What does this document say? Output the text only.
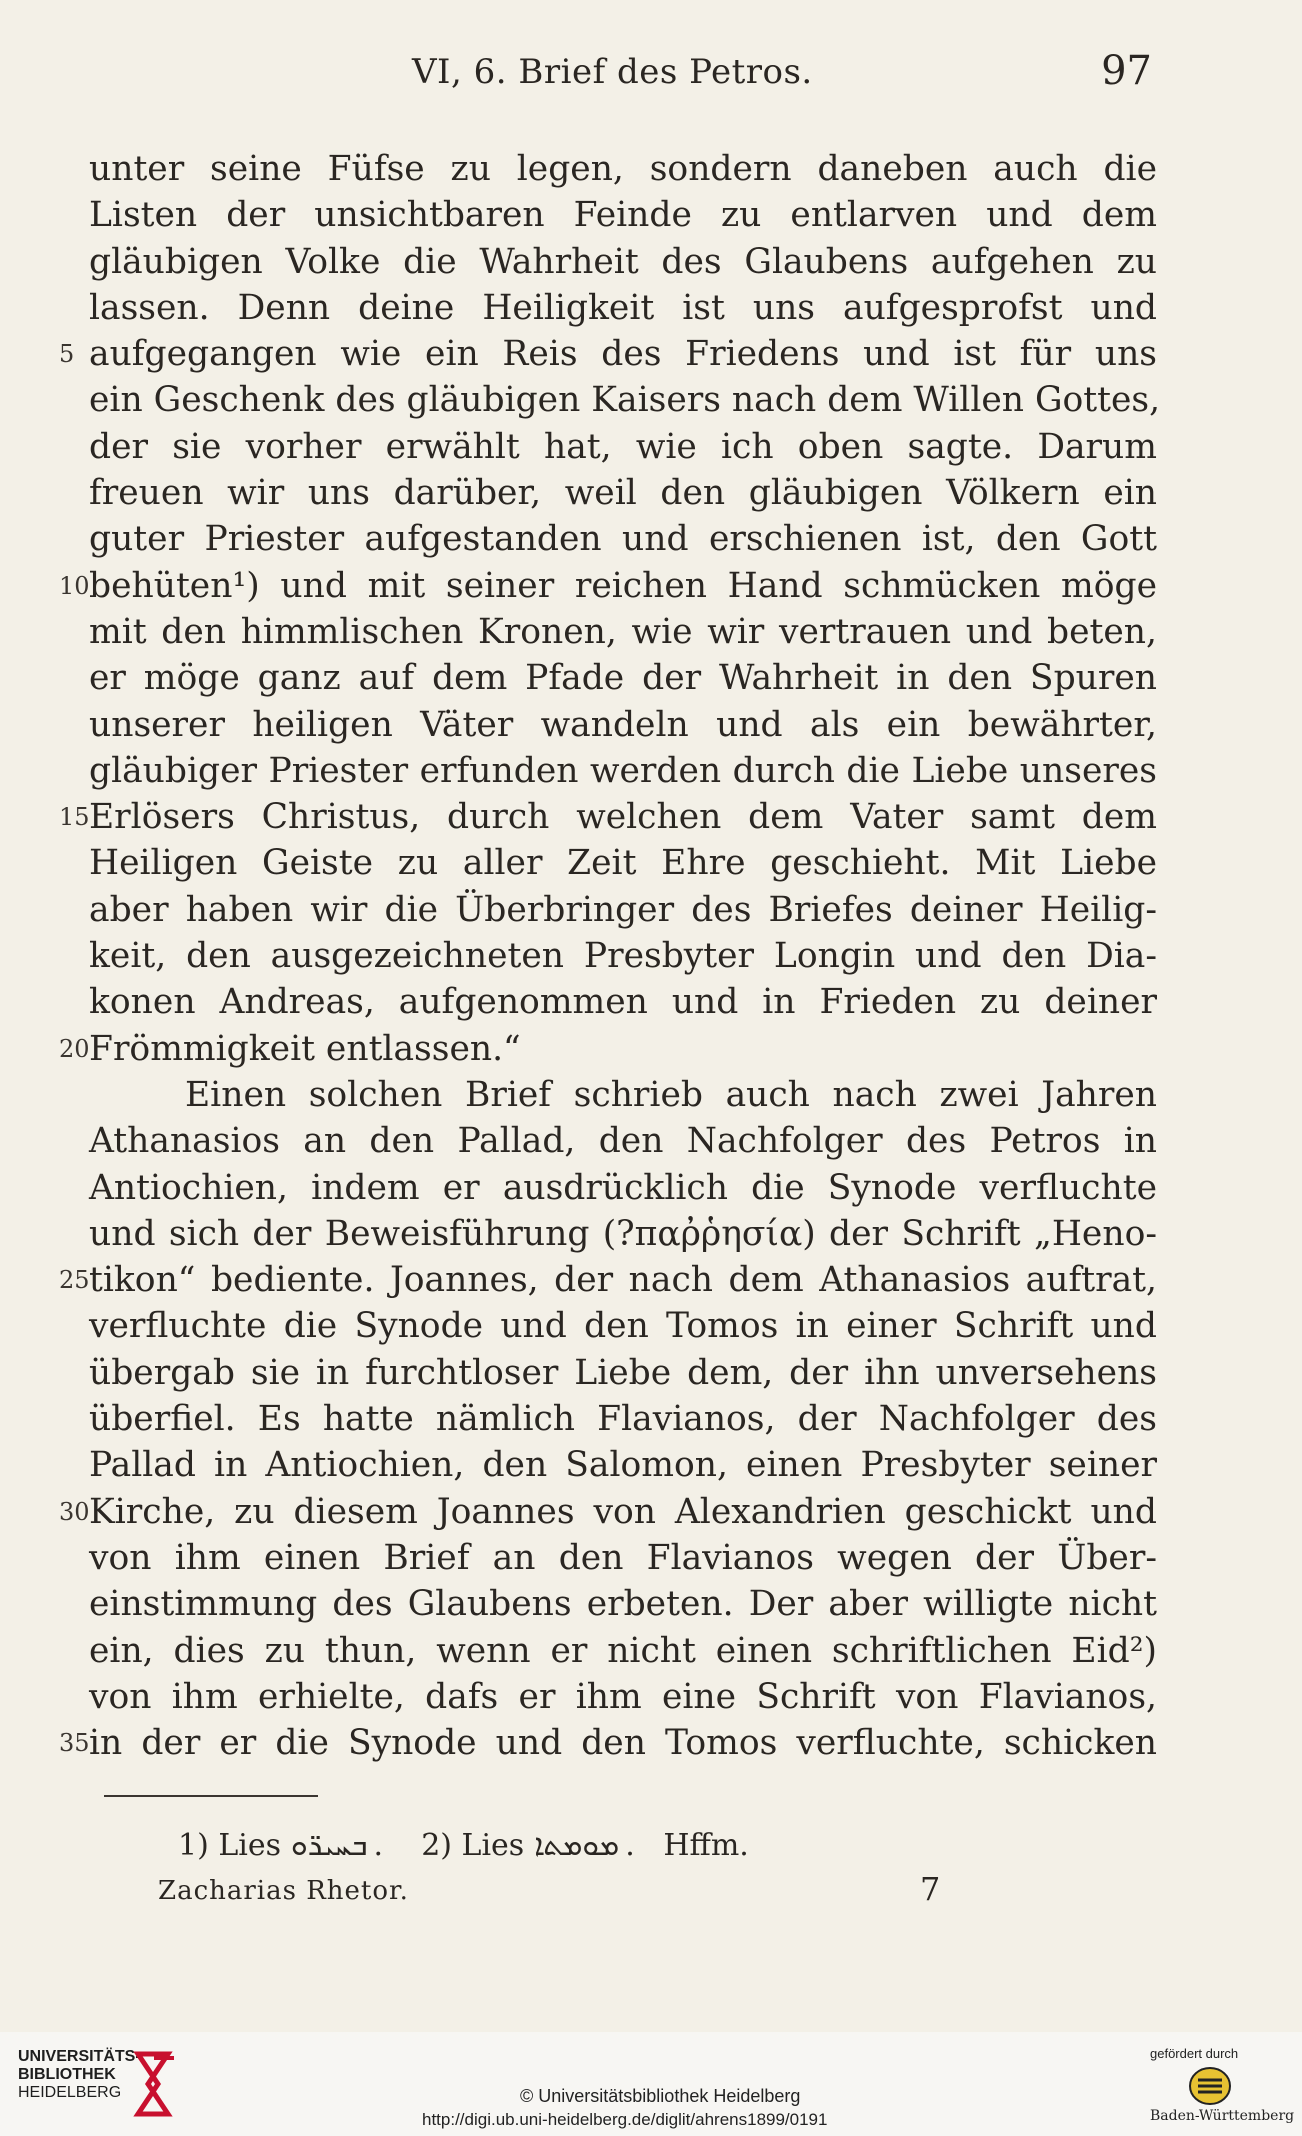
VI, 6. Brief des Petros.	97
unter seine Füfse zu legen, sondern daneben auch die
Listen der unsichtbaren Feinde zu entlarven und dem
gläubigen Volke die Wahrheit des Glaubens aufgehen zu
lassen. Denn deine Heiligkeit ist uns aufgesprofst und
5 aufgegangen wie ein Reis des Friedens und ist für uns
ein Geschenk des gläubigen Kaisers nach dem Willen Gottes,
der sie vorher erwählt hat, wie ich oben sagte. Darum
freuen wir uns darüber, weil den gläubigen Völkern ein
guter Priester aufgestanden und erschienen ist, den Gott
10 behüten¹) und mit seiner reichen Hand schmücken möge
mit den himmlischen Kronen, wie wir vertrauen und beten,
er möge ganz auf dem Pfade der Wahrheit in den Spuren
unserer heiligen Väter wandeln und als ein bewährter,
gläubiger Priester erfunden werden durch die Liebe unseres
15 Erlösers Christus, durch welchen dem Vater samt dem
Heiligen Geiste zu aller Zeit Ehre geschieht. Mit Liebe
aber haben wir die Überbringer des Briefes deiner Heilig-
keit, den ausgezeichneten Presbyter Longin und den Dia-
konen Andreas, aufgenommen und in Frieden zu deiner
20 Frömmigkeit entlassen.“
Einen solchen Brief schrieb auch nach zwei Jahren
Athanasios an den Pallad, den Nachfolger des Petros in
Antiochien, indem er ausdrücklich die Synode verfluchte
und sich der Beweisführung (?παῤῥησία) der Schrift „Heno-
25 tikon“ bediente. Joannes, der nach dem Athanasios auftrat,
verfluchte die Synode und den Tomos in einer Schrift und
übergab sie in furchtloser Liebe dem, der ihn unversehens
überfiel. Es hatte nämlich Flavianos, der Nachfolger des
Pallad in Antiochien, den Salomon, einen Presbyter seiner
30 Kirche, zu diesem Joannes von Alexandrien geschickt und
von ihm einen Brief an den Flavianos wegen der Über-
einstimmung des Glaubens erbeten. Der aber willigte nicht
ein, dies zu thun, wenn er nicht einen schriftlichen Eid²)
von ihm erhielte, dafs er ihm eine Schrift von Flavianos,
35 in der er die Synode und den Tomos verfluchte, schicken
1) Lies ܒܚܝܪ̈ܘ .    2) Lies ܡܘܡܬܐ .   Hffm.
Zacharias Rhetor.	7
UNIVERSITÄTS-
BIBLIOTHEK
HEIDELBERG	© Universitätsbibliothek Heidelberg
http://digi.ub.uni-heidelberg.de/diglit/ahrens1899/0191
gefördert durch
Baden-Württemberg
